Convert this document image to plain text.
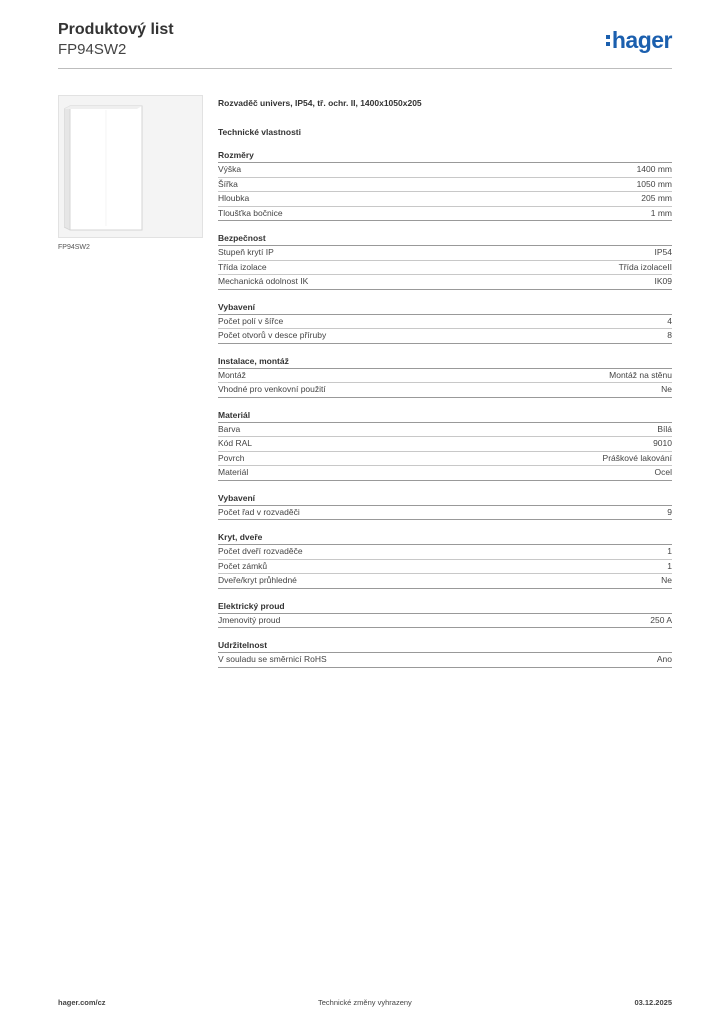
Produktový list
FP94SW2	hager
FP94SW2
Rozvaděč univers, IP54, tř. ochr. II, 1400x1050x205
Technické vlastnosti
Rozměry
Výška	1400 mm
Šířka	1050 mm
Hloubka	205 mm
Tloušťka bočnice	1 mm
Bezpečnost
Stupeň krytí IP	IP54
Třída izolace	Třída izolaceII
Mechanická odolnost IK	IK09
Vybavení
Počet polí v šířce	4
Počet otvorů v desce příruby	8
Instalace, montáž
Montáž	Montáž na stěnu
Vhodné pro venkovní použití	Ne
Materiál
Barva	Bílá
Kód RAL	9010
Povrch	Práškové lakování
Materiál	Ocel
Vybavení
Počet řad v rozvaděči	9
Kryt, dveře
Počet dveří rozvaděče	1
Počet zámků	1
Dveře/kryt průhledné	Ne
Elektrický proud
Jmenovitý proud	250 A
Udržitelnost
V souladu se směrnicí RoHS	Ano
hager.com/cz	Technické změny vyhrazeny	03.12.2025
